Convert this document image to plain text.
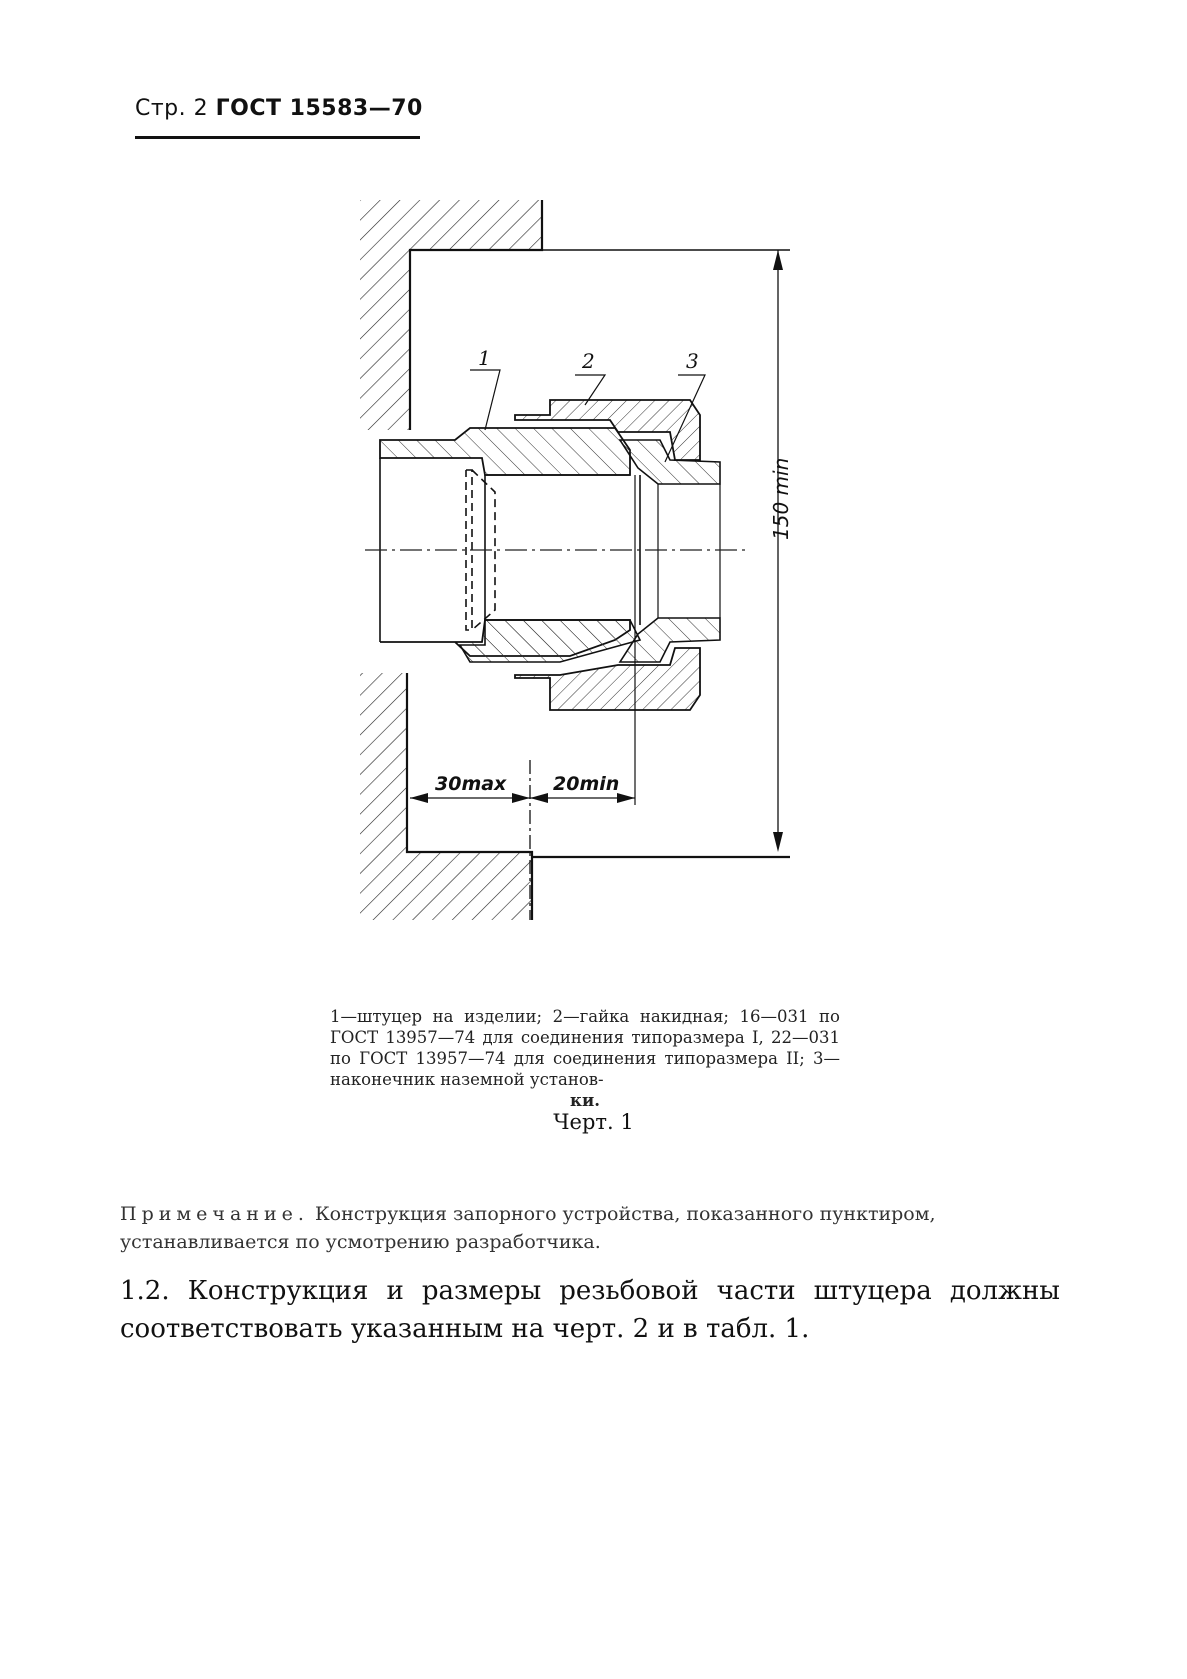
Стр. 2 ГОСТ 15583—70
1	2	3
150 min
30max 20min
1—штуцер на изделии; 2—гайка накидная; 16—031 по ГОСТ 13957—74 для соединения типоразмера I, 22—031 по ГОСТ 13957—74 для соединения типоразмера II; 3—наконечник наземной установ-
ки.
Черт. 1
Примечание. Конструкция запорного устройства, показанного пунктиром, устанавливается по усмотрению разработчика.
1.2. Конструкция и размеры резьбовой части штуцера должны соответствовать указанным на черт. 2 и в табл. 1.
